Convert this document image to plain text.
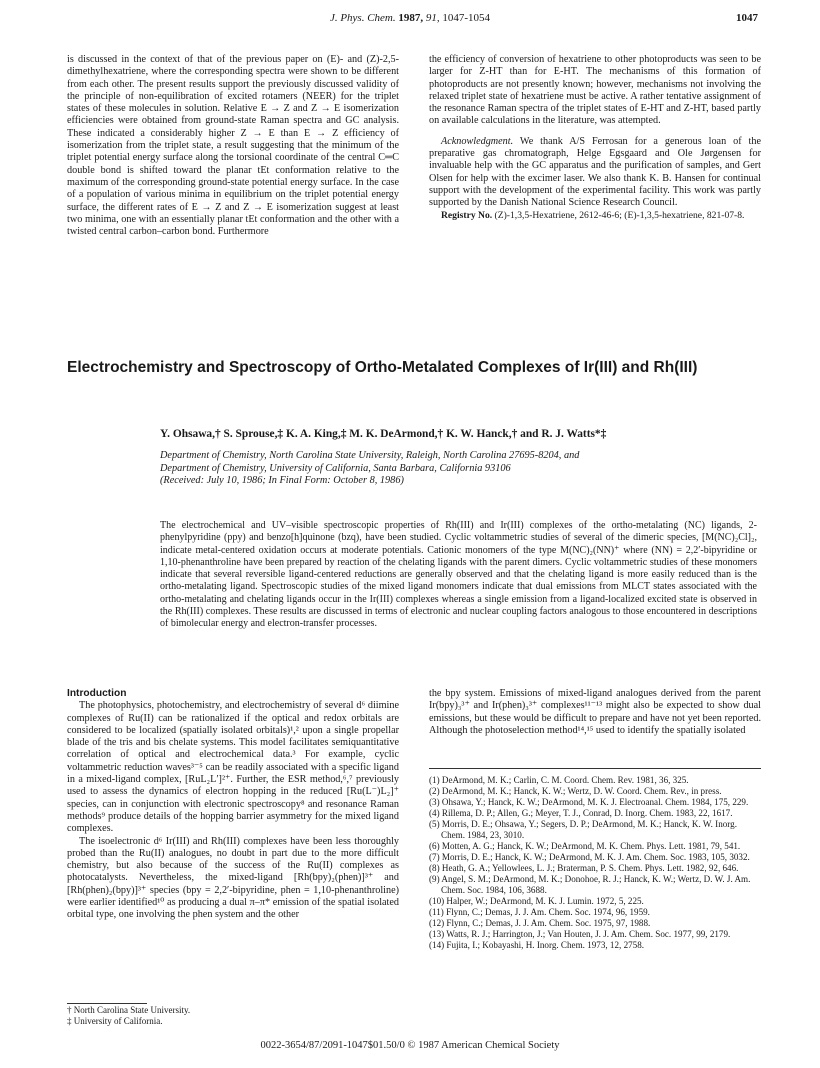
J. Phys. Chem. 1987, 91, 1047-1054	1047

is discussed in the context of that of the previous paper on (E)- and (Z)-2,5-dimethylhexatriene, where the corresponding spectra were shown to be different from each other. The present results support the previously discussed validity of the principle of non-equilibration of excited rotamers (NEER) for the triplet states of these molecules in solution. Relative E → Z and Z → E isomerization efficiencies were obtained from ground-state Raman spectra and GC analysis. These indicated a considerably higher Z → E than E → Z efficiency of isomerization from the triplet state, a result suggesting that the minimum of the triplet potential energy surface along the torsional coordinate of the central C═C double bond is shifted toward the planar tEt conformation relative to the maximum of the corresponding ground-state potential energy surface. In the case of a population of various minima in equilibrium on the triplet potential energy surface, the different rates of E → Z and Z → E isomerization suggest at least two minima, one with an essentially planar tEt conformation and the other with a twisted central carbon–carbon bond. Furthermore

the efficiency of conversion of hexatriene to other photoproducts was seen to be larger for Z-HT than for E-HT. The mechanisms of this formation of photoproducts are not presently known; however, mechanisms not involving the relaxed triplet state of hexatriene must be active. A rather tentative assignment of the resonance Raman spectra of the triplet states of E-HT and Z-HT, based partly on available calculations in the literature, was attempted.

Acknowledgment. We thank A/S Ferrosan for a generous loan of the preparative gas chromatograph, Helge Egsgaard and Ole Jørgensen for invaluable help with the GC apparatus and the purification of samples, and Gert Olsen for help with the excimer laser. We also thank K. B. Hansen for continual support with the development of the experimental facility. This work was partly supported by the Danish National Science Research Council.

Registry No. (Z)-1,3,5-Hexatriene, 2612-46-6; (E)-1,3,5-hexatriene, 821-07-8.

Electrochemistry and Spectroscopy of Ortho-Metalated Complexes of Ir(III) and Rh(III)
Y. Ohsawa,† S. Sprouse,‡ K. A. King,‡ M. K. DeArmond,† K. W. Hanck,† and R. J. Watts*‡
Department of Chemistry, North Carolina State University, Raleigh, North Carolina 27695-8204, and
Department of Chemistry, University of California, Santa Barbara, California 93106
(Received: July 10, 1986; In Final Form: October 8, 1986)
The electrochemical and UV–visible spectroscopic properties of Rh(III) and Ir(III) complexes of the ortho-metalating (NC) ligands, 2-phenylpyridine (ppy) and benzo[h]quinone (bzq), have been studied. Cyclic voltammetric studies of several of the dimeric species, [M(NC)₂Cl]₂, indicate metal-centered oxidation occurs at moderate potentials. Cationic monomers of the type M(NC)₂(NN)⁺ where (NN) = 2,2′-bipyridine or 1,10-phenanthroline have been prepared by reaction of the chelating ligands with the parent dimers. Cyclic voltammetric studies of these monomers indicate that several reversible ligand-centered reductions are generally observed and that the chelating ligand is more easily reduced than is the ortho-metalating ligand. Spectroscopic studies of the mixed ligand monomers indicate that dual emissions from MLCT states associated with the ortho-metalating and chelating ligands occur in the Ir(III) complexes whereas a single emission from a ligand-localized excited state is observed in the Rh(III) complexes. These results are discussed in terms of electronic and nuclear coupling factors analogous to those encountered in descriptions of bimolecular energy and electron-transfer processes.
Introduction

The photophysics, photochemistry, and electrochemistry of several d⁶ diimine complexes of Ru(II) can be rationalized if the optical and redox orbitals are considered to be localized (spatially isolated orbitals)¹,² upon a single propellar blade of the tris and bis chelate systems. This model facilitates semiquantitative correlation of optical and electrochemical data.³ For example, cyclic voltammetric reduction waves³⁻⁵ can be readily associated with a specific ligand in a mixed-ligand complex, [RuL₂L′]²⁺. Further, the ESR method,⁶,⁷ previously used to assess the dynamics of electron hopping in the reduced [Ru(L⁻)L₂]⁺ species, can in conjunction with electronic spectroscopy⁸ and resonance Raman methods⁹ produce details of the hopping barrier asymmetry for the mixed ligand complexes.

The isoelectronic d⁶ Ir(III) and Rh(III) complexes have been less thoroughly probed than the Ru(II) analogues, no doubt in part due to the more difficult chemistry, but also because of the success of the Ru(II) complexes as photocatalysts. Nevertheless, the mixed-ligand [Rh(bpy)₂(phen)]³⁺ and [Rh(phen)₂(bpy)]³⁺ species (bpy = 2,2′-bipyridine, phen = 1,10-phenanthroline) were earlier identified¹⁰ as producing a dual π–π* emission of the spatial isolated orbital type, one involving the phen system and the other

the bpy system. Emissions of mixed-ligand analogues derived from the parent Ir(bpy)₃³⁺ and Ir(phen)₃³⁺ complexes¹¹⁻¹³ might also be expected to show dual emissions, but these would be difficult to prepare and have not yet been reported. Although the photoselection method¹⁴,¹⁵ used to identify the spatially isolated

(1) DeArmond, M. K.; Carlin, C. M. Coord. Chem. Rev. 1981, 36, 325.

(2) DeArmond, M. K.; Hanck, K. W.; Wertz, D. W. Coord. Chem. Rev., in press.

(3) Ohsawa, Y.; Hanck, K. W.; DeArmond, M. K. J. Electroanal. Chem. 1984, 175, 229.

(4) Rillema, D. P.; Allen, G.; Meyer, T. J., Conrad, D. Inorg. Chem. 1983, 22, 1617.

(5) Morris, D. E.; Ohsawa, Y.; Segers, D. P.; DeArmond, M. K.; Hanck, K. W. Inorg. Chem. 1984, 23, 3010.

(6) Motten, A. G.; Hanck, K. W.; DeArmond, M. K. Chem. Phys. Lett. 1981, 79, 541.

(7) Morris, D. E.; Hanck, K. W.; DeArmond, M. K. J. Am. Chem. Soc. 1983, 105, 3032.

(8) Heath, G. A.; Yellowlees, L. J.; Braterman, P. S. Chem. Phys. Lett. 1982, 92, 646.

(9) Angel, S. M.; DeArmond, M. K.; Donohoe, R. J.; Hanck, K. W.; Wertz, D. W. J. Am. Chem. Soc. 1984, 106, 3688.

(10) Halper, W.; DeArmond, M. K. J. Lumin. 1972, 5, 225.

(11) Flynn, C.; Demas, J. J. Am. Chem. Soc. 1974, 96, 1959.

(12) Flynn, C.; Demas, J. J. Am. Chem. Soc. 1975, 97, 1988.

(13) Watts, R. J.; Harrington, J.; Van Houten, J. J. Am. Chem. Soc. 1977, 99, 2179.

(14) Fujita, I.; Kobayashi, H. Inorg. Chem. 1973, 12, 2758.

† North Carolina State University.
‡ University of California.
0022-3654/87/2091-1047$01.50/0 © 1987 American Chemical Society
